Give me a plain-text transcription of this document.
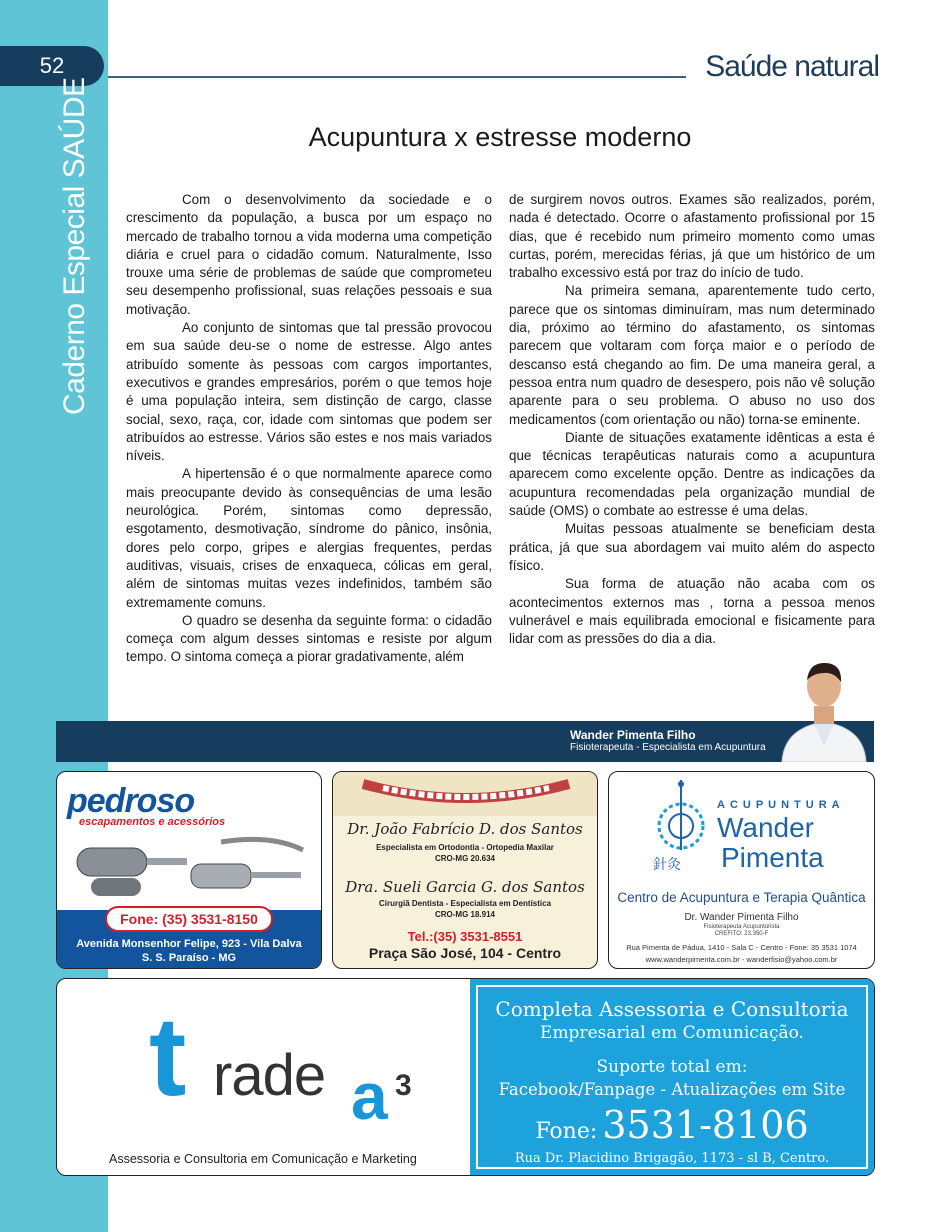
52
Caderno Especial SAÚDE
Saúde natural
Acupuntura x estresse moderno

Com o desenvolvimento da sociedade e o crescimento da população, a busca por um espaço no mercado de trabalho tornou a vida moderna uma competição diária e cruel para o cidadão comum. Naturalmente, Isso trouxe uma série de problemas de saúde que comprometeu seu desempenho profissional, suas relações pessoais e sua motivação.

Ao conjunto de sintomas que tal pressão provocou em sua saúde deu-se o nome de estresse. Algo antes atribuído somente às pessoas com cargos importantes, executivos e grandes empresários, porém o que temos hoje é uma população inteira, sem distinção de cargo, classe social, sexo, raça, cor, idade com sintomas que podem ser atribuídos ao estresse. Vários são estes e nos mais variados níveis.

A hipertensão é o que normalmente aparece como mais preocupante devido às consequências de uma lesão neurológica. Porém, sintomas como depressão, esgotamento, desmotivação, síndrome do pânico, insônia, dores pelo corpo, gripes e alergias frequentes, perdas auditivas, visuais, crises de enxaqueca, cólicas em geral, além de sintomas muitas vezes indefinidos, também são extremamente comuns.

O quadro se desenha da seguinte forma: o cidadão começa com algum desses sintomas e resiste por algum tempo. O sintoma começa a piorar gradativamente, além

de surgirem novos outros. Exames são realizados, porém, nada é detectado. Ocorre o afastamento profissional por 15 dias, que é recebido num primeiro momento como umas curtas, porém, merecidas férias, já que um histórico de um trabalho excessivo está por traz do início de tudo.

Na primeira semana, aparentemente tudo certo, parece que os sintomas diminuíram, mas num determinado dia, próximo ao término do afastamento, os sintomas parecem que voltaram com força maior e o período de descanso está chegando ao fim. De uma maneira geral, a pessoa entra num quadro de desespero, pois não vê solução aparente para o seu problema. O abuso no uso dos medicamentos (com orientação ou não) torna-se eminente.

Diante de situações exatamente idênticas a esta é que técnicas terapêuticas naturais como a acupuntura aparecem como excelente opção. Dentre as indicações da acupuntura recomendadas pela organização mundial de saúde (OMS) o combate ao estresse é uma delas.

Muitas pessoas atualmente se beneficiam desta prática, já que sua abordagem vai muito além do aspecto físico.

Sua forma de atuação não acaba com os acontecimentos externos mas , torna a pessoa menos vulnerável e mais equilibrada emocional e fisicamente para lidar com as pressões do dia a dia.

Wander Pimenta Filho
Fisioterapeuta - Especialista em Acupuntura
pedroso
escapamentos e acessórios
Fone: (35) 3531-8150
Avenida Monsenhor Felipe, 923 - Vila Dalva
S. S. Paraíso - MG
Dr. João Fabrício D. dos Santos
Especialista em Ortodontia - Ortopedia Maxilar
CRO-MG 20.634
Dra. Sueli Garcia G. dos Santos
Cirurgiã Dentista - Especialista em Dentística
CRO-MG 18.914
Tel.:(35) 3531-8551
Praça São José, 104 - Centro
針灸
ACUPUNTURA
Wander
Pimenta
Centro de Acupuntura e Terapia Quântica
Dr. Wander Pimenta Filho
Fisioterapeuta Acupunturista
CREFITO: 23.350-F
Rua Pimenta de Pádua, 1410 - Sala C - Centro - Fone: 35 3531 1074
www.wanderpimenta.com.br - wanderfisio@yahoo.com.br
t rade a 3
Assessoria e Consultoria em Comunicação e Marketing
Completa Assessoria e Consultoria
Empresarial em Comunicação.
Suporte total em:
Facebook/Fanpage - Atualizações em Site
Fone: 3531-8106
Rua Dr. Placidino Brigagão, 1173 - sl B, Centro.
